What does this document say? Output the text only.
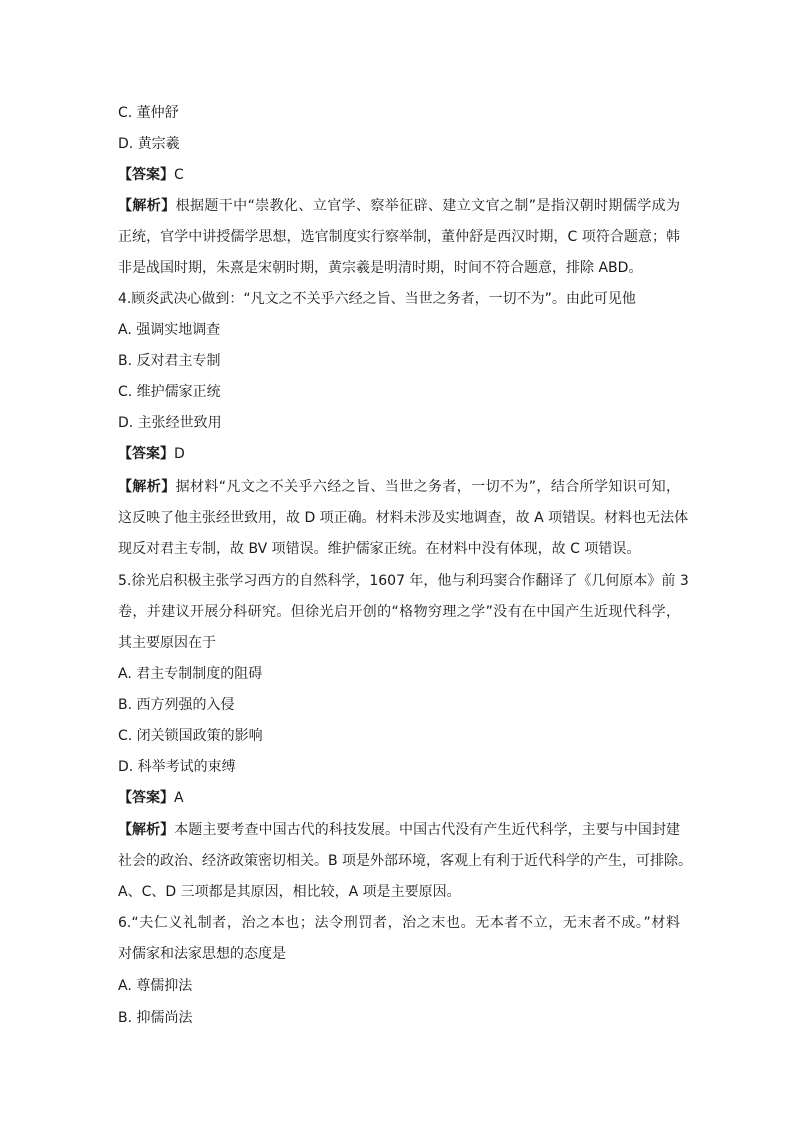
C. 董仲舒
D. 黄宗羲
【答案】C
【解析】根据题干中“崇教化、立官学、察举征辟、建立文官之制”是指汉朝时期儒学成为
正统，官学中讲授儒学思想，选官制度实行察举制，董仲舒是西汉时期，C 项符合题意；韩
非是战国时期，朱熹是宋朝时期，黄宗羲是明清时期，时间不符合题意，排除 ABD。
4.顾炎武决心做到：“凡文之不关乎六经之旨、当世之务者，一切不为”。由此可见他
A. 强调实地调查
B. 反对君主专制
C. 维护儒家正统
D. 主张经世致用
【答案】D
【解析】据材料“凡文之不关乎六经之旨、当世之务者，一切不为”，结合所学知识可知，
这反映了他主张经世致用，故 D 项正确。材料未涉及实地调查，故 A 项错误。材料也无法体
现反对君主专制，故 BV 项错误。维护儒家正统。在材料中没有体现，故 C 项错误。
5.徐光启积极主张学习西方的自然科学，1607 年，他与利玛窦合作翻译了《几何原本》前 3
卷，并建议开展分科研究。但徐光启开创的“格物穷理之学”没有在中国产生近现代科学，
其主要原因在于
A. 君主专制制度的阻碍
B. 西方列强的入侵
C. 闭关锁国政策的影响
D. 科举考试的束缚
【答案】A
【解析】本题主要考查中国古代的科技发展。中国古代没有产生近代科学，主要与中国封建
社会的政治、经济政策密切相关。B 项是外部环境，客观上有利于近代科学的产生，可排除。
A、C、D 三项都是其原因，相比较，A 项是主要原因。
6.“夫仁义礼制者，治之本也；法令刑罚者，治之末也。无本者不立，无末者不成。”材料
对儒家和法家思想的态度是
A. 尊儒抑法
B. 抑儒尚法
